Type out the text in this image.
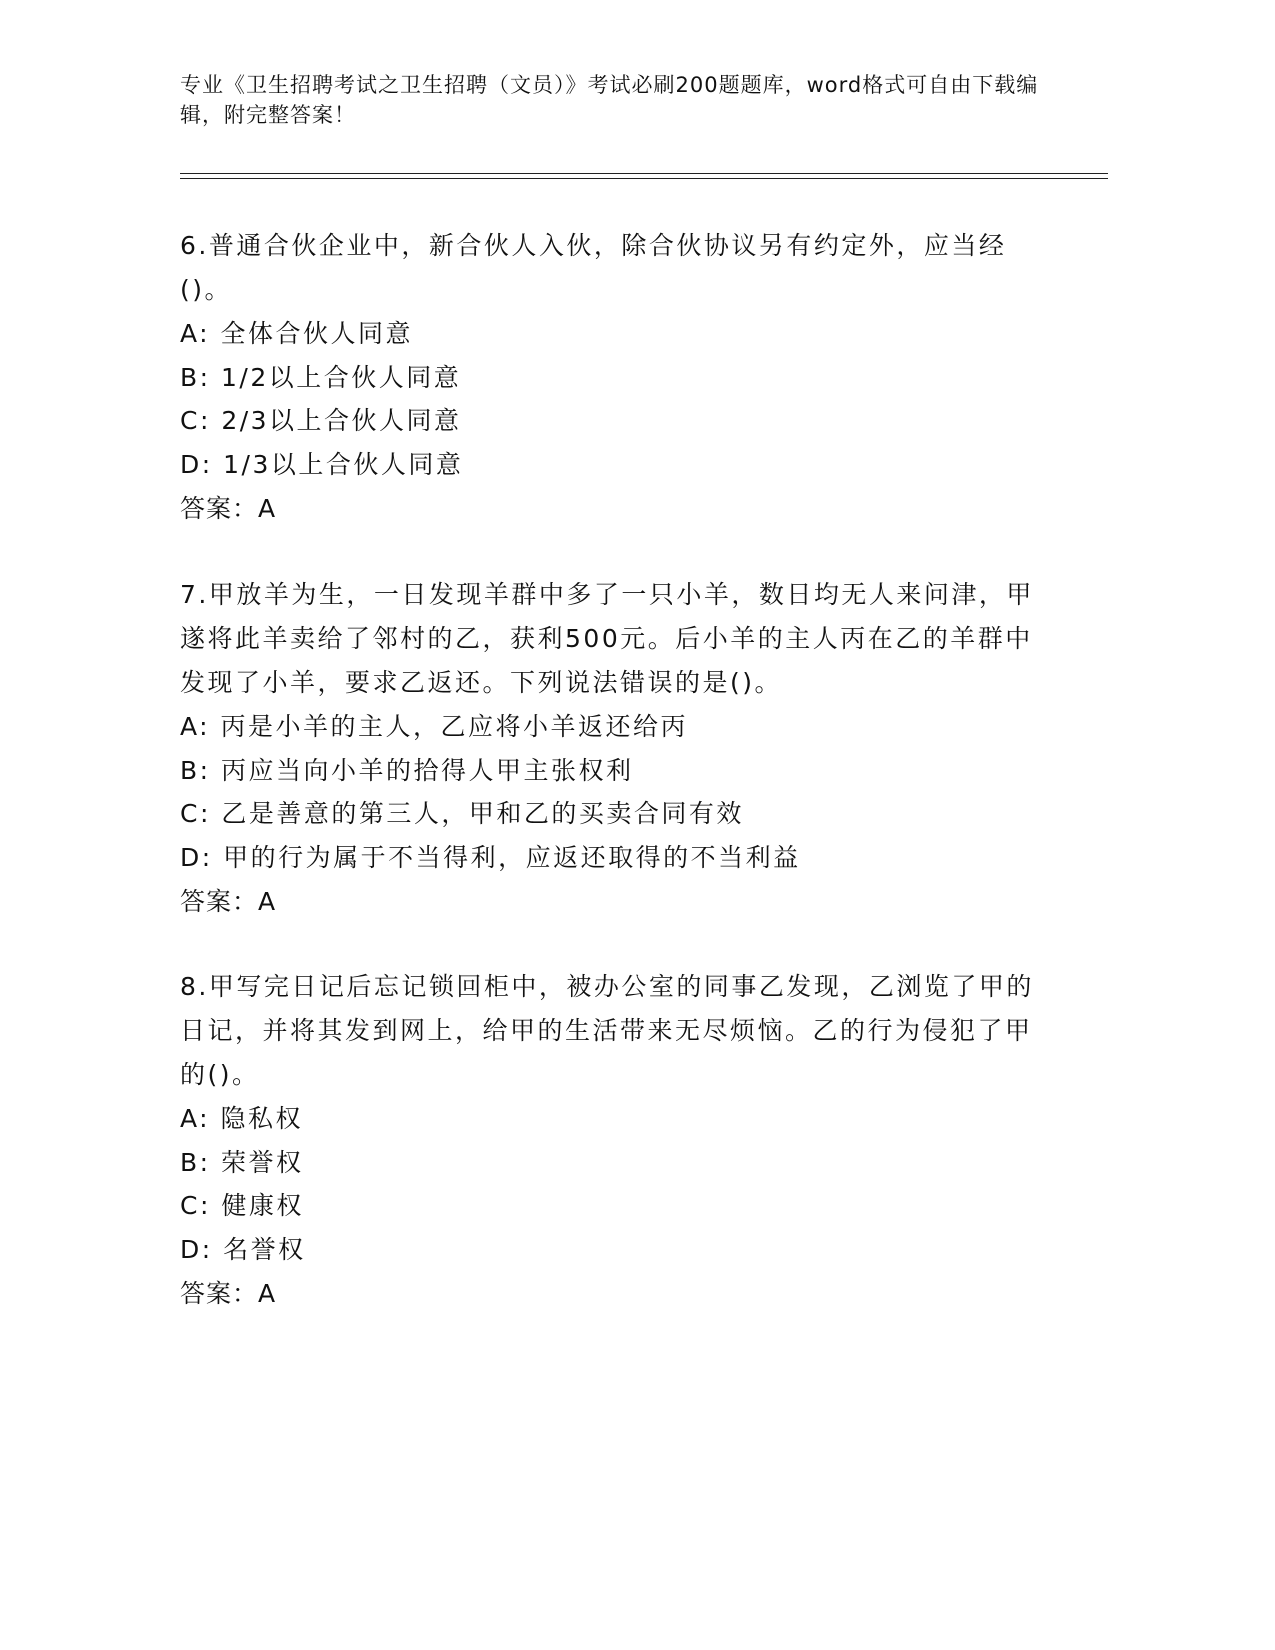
专业《卫生招聘考试之卫生招聘（文员）》考试必刷200题题库，word格式可自由下载编辑，附完整答案！
6.普通合伙企业中，新合伙人入伙，除合伙协议另有约定外，应当经()。
A: 全体合伙人同意
B: 1/2以上合伙人同意
C: 2/3以上合伙人同意
D: 1/3以上合伙人同意
答案：A
7.甲放羊为生，一日发现羊群中多了一只小羊，数日均无人来问津，甲遂将此羊卖给了邻村的乙，获利500元。后小羊的主人丙在乙的羊群中发现了小羊，要求乙返还。下列说法错误的是()。
A: 丙是小羊的主人，乙应将小羊返还给丙
B: 丙应当向小羊的拾得人甲主张权利
C: 乙是善意的第三人，甲和乙的买卖合同有效
D: 甲的行为属于不当得利，应返还取得的不当利益
答案：A
8.甲写完日记后忘记锁回柜中，被办公室的同事乙发现，乙浏览了甲的日记，并将其发到网上，给甲的生活带来无尽烦恼。乙的行为侵犯了甲的()。
A: 隐私权
B: 荣誉权
C: 健康权
D: 名誉权
答案：A
